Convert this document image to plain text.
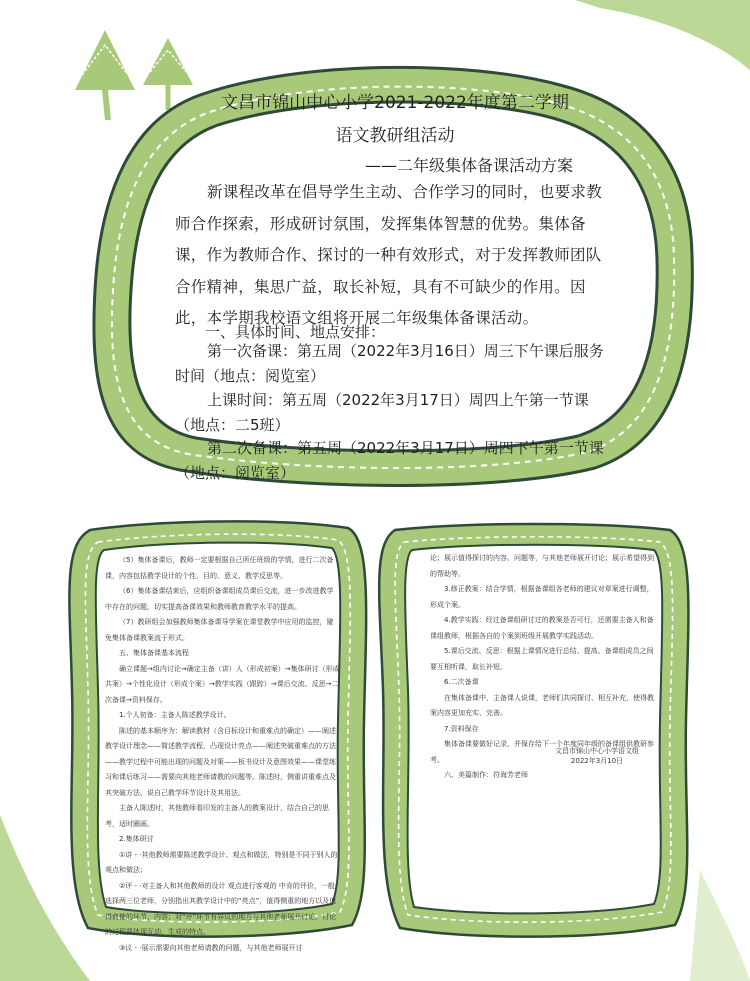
文昌市锦山中心小学2021-2022年度第二学期
语文教研组活动
——二年级集体备课活动方案
新课程改革在倡导学生主动、合作学习的同时，也要求教师合作探索，形成研讨氛围，发挥集体智慧的优势。集体备课，作为教师合作、探讨的一种有效形式，对于发挥教师团队合作精神，集思广益，取长补短，具有不可缺少的作用。因此，本学期我校语文组将开展二年级集体备课活动。
一、具体时间、地点安排：
第一次备课：第五周（2022年3月16日）周三下午课后服务时间（地点：阅览室）
上课时间：第五周（2022年3月17日）周四上午第一节课（地点：二5班）
第二次备课：第五周（2022年3月17日）周四下午第一节课（地点：阅览室）

（5）集体备课后，教师一定要根据自己所任班级的学情，进行二次备课，内容包括教学设计的个性、目的、意义、教学反思等。

（6）集体备课结束后，应组织备课组成员课后交流，进一步改进教学中存在的问题，切实提高备课效果和教师教育教学水平的提高。

（7）教研组会加强教师集体备课导学案在课堂教学中应用的监控，避免集体备课教案流于形式。

五、集体备课基本流程

确立课题→组内讨论→确定主备（讲）人（形成初案）→集体研讨（形成共案）→个性化设计（形成个案）→教学实践（跟踪）→课后交流、反思→二次备课→资料保存。

1.个人初备：主备人陈述教学设计。

陈述的基本顺序为：解读教材（含目标设计和重难点的确定）——阐述教学设计理念——简述教学流程，凸现设计亮点——阐述突破重难点的方法——教学过程中可能出现的问题及对策——板书设计及意图效果——课堂练习和课后练习——需要向其他老师请教的问题等。陈述时，侧重讲重难点及其突破方法、说自己教学环节设计及其用法。

主备人陈述时，其他教师看印发的主备人的教案设计，结合自己的思考，适时圈画。

2.集体研讨

①讲 - ·其他教师需要陈述教学设计、观点和做法，特别是不同于别人的观点和做法；

②评 - ·对主备人和其他教师的设计 观点进行客观的 中肯的评价，一般选择两三位老师，分别指出其教学设计中的“亮点”，值得侧重的地方以及值得商榷的环节、内容；对“评”环节有异议的地方与其他老师展开讨论，讨论的过程要体现互动，生成的特点。

③议 - ·展示需要向其他老师请教的问题，与其他老师展开讨

论；展示值得探讨的内容、问题等，与其他老师展开讨论；展示希望得到的帮助等。

3.修正教案：结合学情，根据备课组各老师的建议对草案进行调整，形成个案。

4.教学实践：经过备课组研讨过的教案是否可行，还需要主备人和备课组教师，根据各自的个案到班级开展教学实践活动。

5.课后交流、反思：根据上课情况进行总结、提高。备课组成员之间要互相听课，取长补短。

6.二次备课

在集体备课中，主备课人说课，老师们共同探讨、相互补充，使得教案内容更加充实、完善。

7.资料保存

集体备课要做好记录，并保存给下一个年度同年级的备课组供教研参考。

六、美篇制作：符海芳老师

文昌市锦山中心小学语文组
2022年3月10日
